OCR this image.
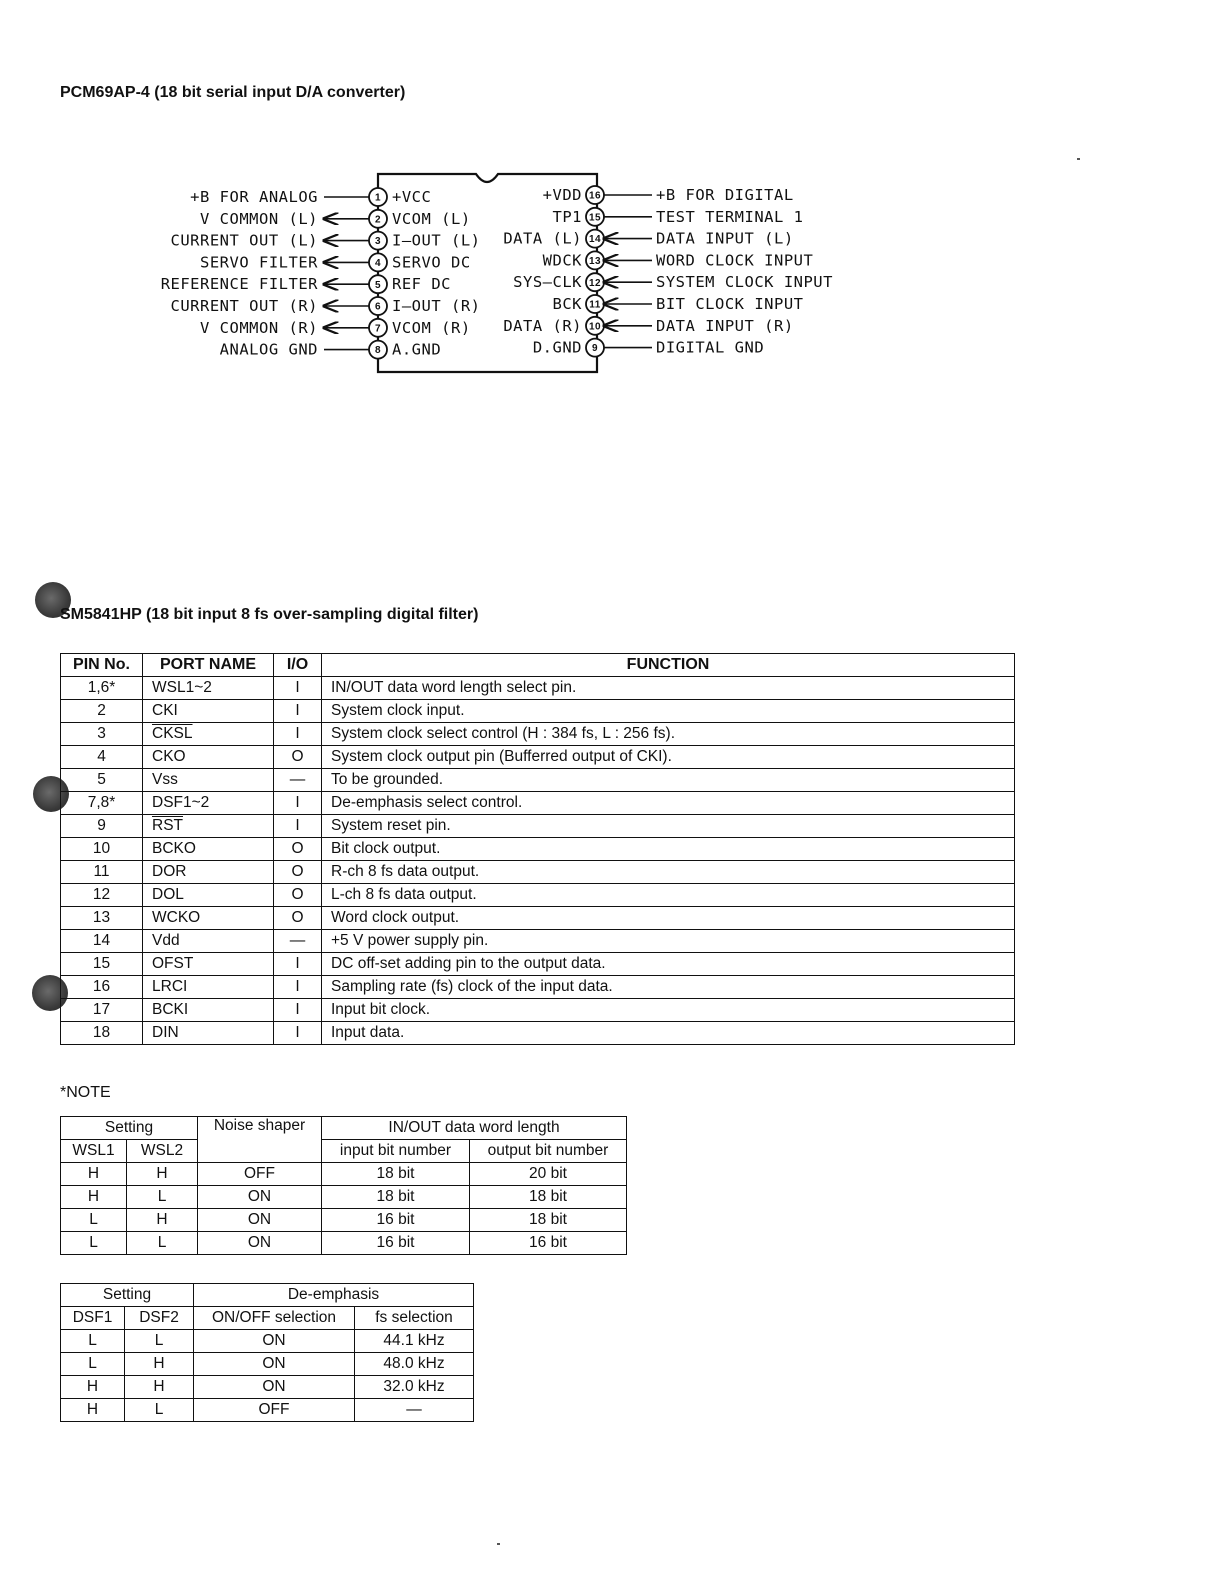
PCM69AP-4 (18 bit serial input D/A converter)
1
+B FOR ANALOG	+VCC
2
V COMMON (L)	VCOM (L)
3
CURRENT OUT (L)	I—OUT (L)
4
SERVO FILTER	SERVO DC
5
REFERENCE FILTER	REF DC
6
CURRENT OUT (R)	I—OUT (R)
7
V COMMON (R)	VCOM (R)
8
ANALOG GND	A.GND
16	+B FOR DIGITAL
+VDD
15	TEST TERMINAL 1
TP1
14	DATA INPUT (L)
DATA (L)
13	WORD CLOCK INPUT
WDCK
12	SYSTEM CLOCK INPUT
SYS—CLK
11	BIT CLOCK INPUT
BCK
10	DATA INPUT (R)
DATA (R)
9	DIGITAL GND
D.GND
SM5841HP (18 bit input 8 fs over-sampling digital filter)
PIN No.	PORT NAME	I/O	FUNCTION
1,6*	WSL1~2	I	IN/OUT data word length select pin.
2	CKI	I	System clock input.
3	CKSL	I	System clock select control (H : 384 fs, L : 256 fs).
4	CKO	O	System clock output pin (Bufferred output of CKI).
5	Vss	—	To be grounded.
7,8*	DSF1~2	I	De-emphasis select control.
9	$\overline{RST}$	I	System reset pin.
10	BCKO	O	Bit clock output.
11	DOR	O	R-ch 8 fs data output.
12	DOL	O	L-ch 8 fs data output.
13	WCKO	O	Word clock output.
14	Vdd	—	+5 V power supply pin.
15	OFST	I	DC off-set adding pin to the output data.
16	LRCI	I	Sampling rate (fs) clock of the input data.
17	BCKI	I	Input bit clock.
18	DIN	I	Input data.
*NOTE
Setting		Noise shaper	IN/OUT data word length	
WSL1	WSL2		input bit number	output bit number
H	H	OFF	18 bit	20 bit
H	L	ON	18 bit	18 bit
L	H	ON	16 bit	18 bit
L	L	ON	16 bit	16 bit
Setting		De-emphasis	
DSF1	DSF2	ON/OFF selection	fs selection
L	L	ON	44.1 kHz
L	H	ON	48.0 kHz
H	H	ON	32.0 kHz
H	L	OFF	—
